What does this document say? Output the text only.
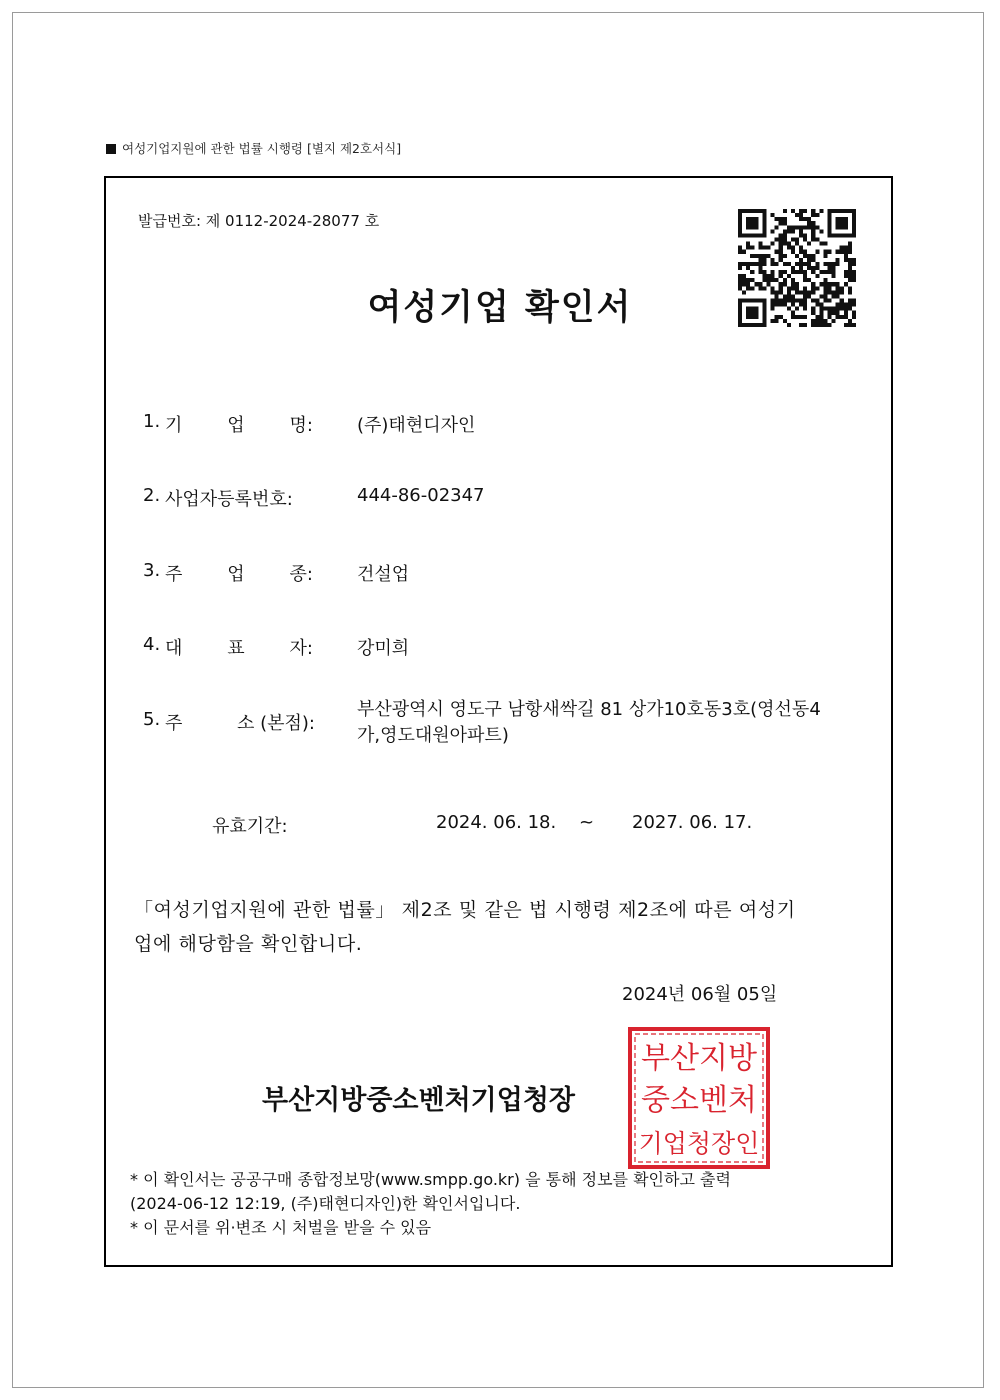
여성기업지원에 관한 법률 시행령 [별지 제2호서식]
발급번호: 제 0112-2024-28077 호
여성기업 확인서
1. 기 업 명: (주)태현디자인
2. 사업자등록번호:	444-86-02347
3. 주 업 종: 건설업
4. 대 표 자: 강미희
5. 주	소 (본점):
부산광역시 영도구 남항새싹길 81 상가10호동3호(영선동4가,영도대원아파트)
유효기간:	2024. 06. 18. ~ 2027. 06. 17.
「여성기업지원에 관한 법률」 제2조 및 같은 법 시행령 제2조에 따른 여성기업에 해당함을 확인합니다.
2024년 06월 05일
부산지방중소벤처기업청장
부산지방
중소벤처
기업청장인
* 이 확인서는 공공구매 종합정보망(www.smpp.go.kr) 을 통해 정보를 확인하고 출력
(2024-06-12 12:19, (주)태현디자인)한 확인서입니다.
* 이 문서를 위·변조 시 처벌을 받을 수 있음
